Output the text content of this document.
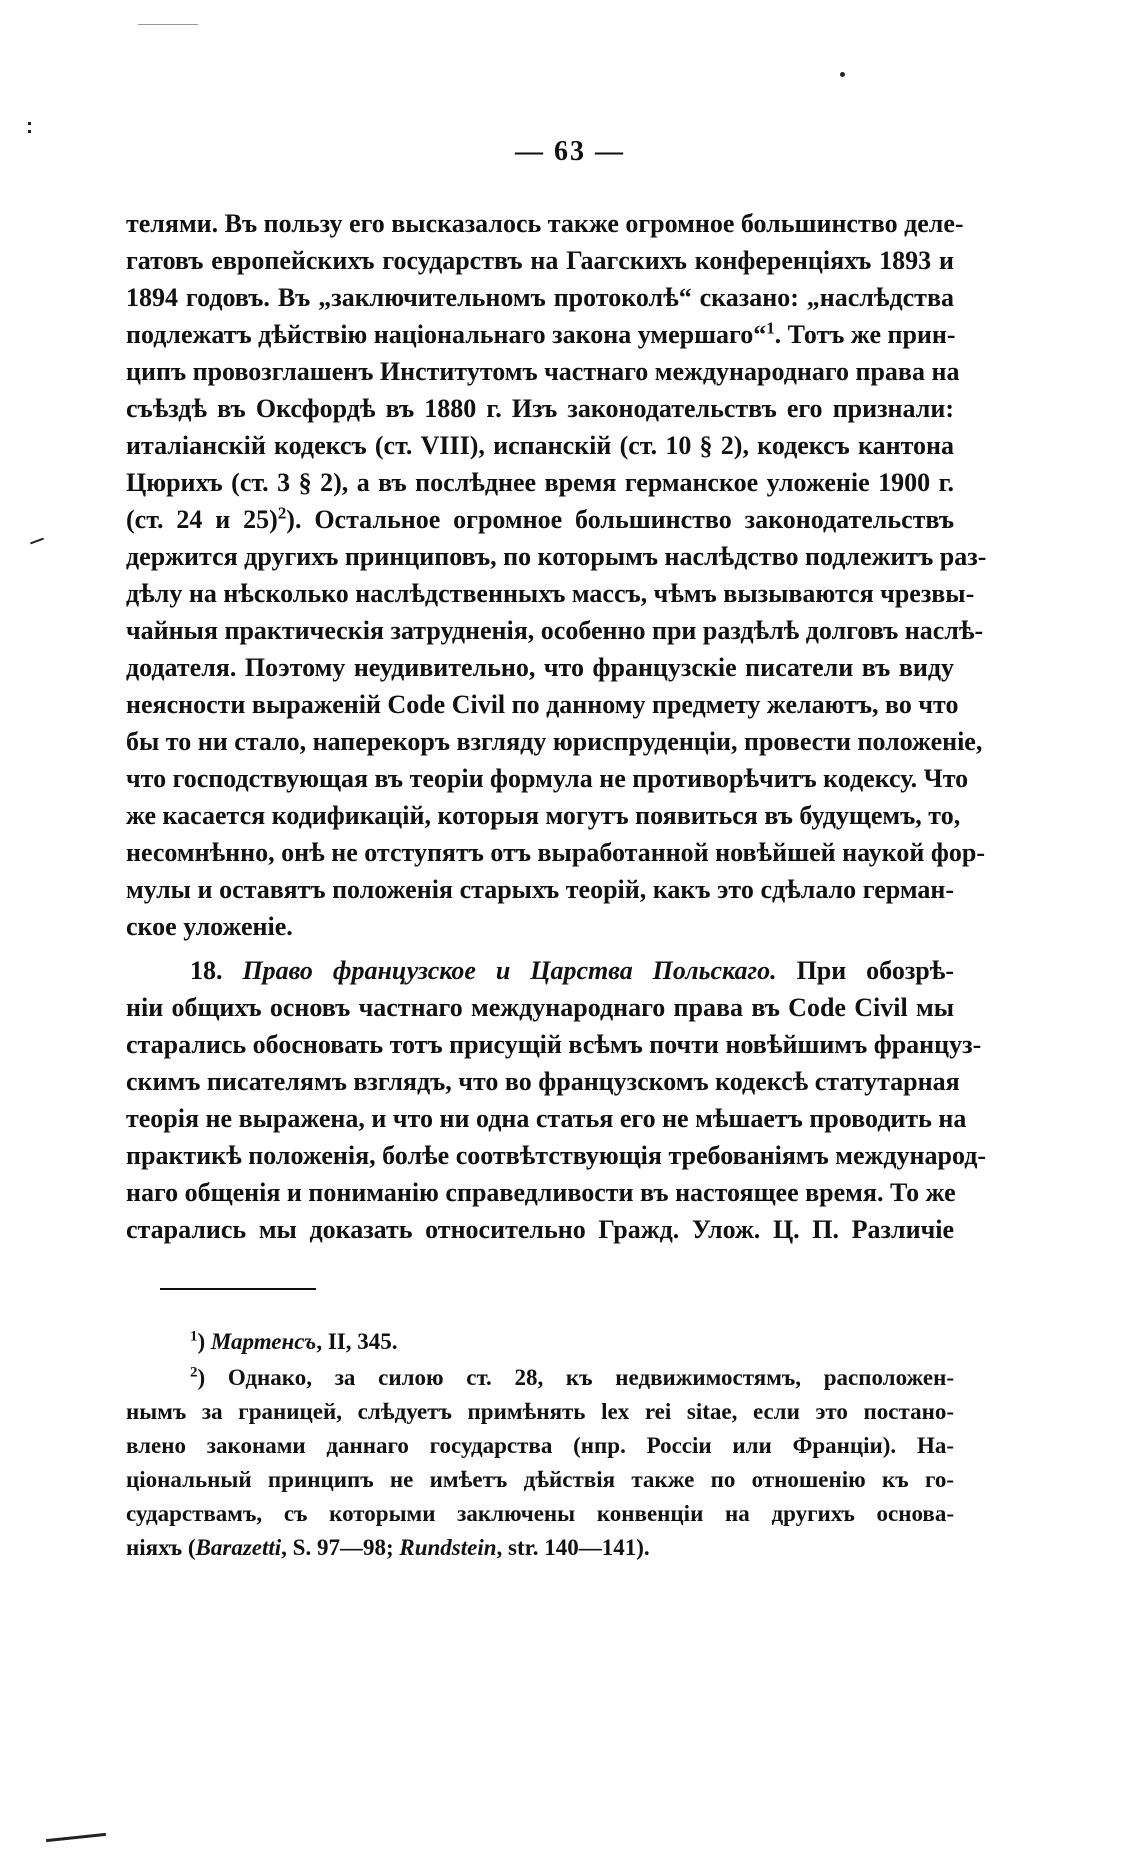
— 63 —
телями. Въ пользу его высказалось также огромное большинство деле-
гатовъ европейскихъ государствъ на Гаагскихъ конференціяхъ 1893 и
1894 годовъ. Въ „заключительномъ протоколѣ“ сказано: „наслѣдства
подлежатъ дѣйствію національнаго закона умершаго“$^1$. Тотъ же прин-
ципъ провозглашенъ Институтомъ частнаго международнаго права на
съѣздѣ въ Оксфордѣ въ 1880 г. Изъ законодательствъ его признали:
италіанскій кодексъ (ст. VIII), испанскій (ст. 10 § 2), кодексъ кантона
Цюрихъ (ст. 3 § 2), а въ послѣднее время германское уложеніе 1900 г.
(ст. 24 и 25)$^2$). Остальное огромное большинство законодательствъ
держится другихъ принциповъ, по которымъ наслѣдство подлежитъ раз-
дѣлу на нѣсколько наслѣдственныхъ массъ, чѣмъ вызываются чрезвы-
чайныя практическія затрудненія, особенно при раздѣлѣ долговъ наслѣ-
додателя. Поэтому неудивительно, что французскіе писатели въ виду
неясности выраженій Code Civil по данному предмету желаютъ, во что
бы то ни стало, наперекоръ взгляду юриспруденціи, провести положеніе,
что господствующая въ теоріи формула не противорѣчитъ кодексу. Что
же касается кодификацій, которыя могутъ появиться въ будущемъ, то,
несомнѣнно, онѣ не отступятъ отъ выработанной новѣйшей наукой фор-
мулы и оставятъ положенія старыхъ теорій, какъ это сдѣлало герман-
ское уложеніе.
18. Право французское и Царства Польскаго. При обозрѣ-
ніи общихъ основъ частнаго международнаго права въ Code Civil мы
старались обосновать тотъ присущій всѣмъ почти новѣйшимъ француз-
скимъ писателямъ взглядъ, что во французскомъ кодексѣ статутарная
теорія не выражена, и что ни одна статья его не мѣшаетъ проводить на
практикѣ положенія, болѣе соотвѣтствующія требованіямъ международ-
наго общенія и пониманію справедливости въ настоящее время. То же
старались мы доказать относительно Гражд. Улож. Ц. П. Различіе
$^1$) Мартенсъ, II, 345.
$^2$) Однако, за силою ст. 28, къ недвижимостямъ, расположен-
нымъ за границей, слѣдуетъ примѣнять lex rei sitae, если это постано-
влено законами даннаго государства (нпр. Россіи или Франціи). На-
ціональный принципъ не имѣетъ дѣйствія также по отношенію къ го-
сударствамъ, съ которыми заключены конвенціи на другихъ основа-
ніяхъ (Barazetti, S. 97—98; Rundstein, str. 140—141).
